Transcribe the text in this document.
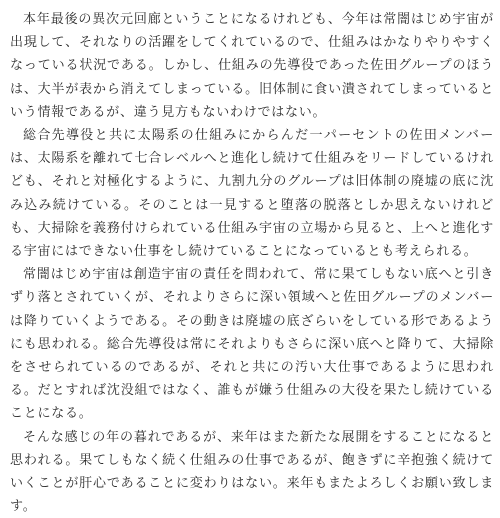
本年最後の異次元回廊ということになるけれども、今年は常闇はじめ宇宙が出現して、それなりの活躍をしてくれているので、仕組みはかなりやりやすくなっている状況である。しかし、仕組みの先導役であった佐田グループのほうは、大半が表から消えてしまっている。旧体制に食い潰されてしまっているという情報であるが、違う見方もないわけではない。

総合先導役と共に太陽系の仕組みにからんだ一パーセントの佐田メンバーは、太陽系を離れて七合レベルへと進化し続けて仕組みをリードしているけれども、それと対極化するように、九割九分のグループは旧体制の廃墟の底に沈み込み続けている。そのことは一見すると堕落の脱落としか思えないけれども、大掃除を義務付けられている仕組み宇宙の立場から見ると、上へと進化する宇宙にはできない仕事をし続けていることになっているとも考えられる。

常闇はじめ宇宙は創造宇宙の責任を問われて、常に果てしもない底へと引きずり落とされていくが、それよりさらに深い領域へと佐田グループのメンバーは降りていくようである。その動きは廃墟の底ざらいをしている形であるようにも思われる。総合先導役は常にそれよりもさらに深い底へと降りて、大掃除をさせられているのであるが、それと共にの汚い大仕事であるように思われる。だとすれば沈没組ではなく、誰もが嫌う仕組みの大役を果たし続けていることになる。

そんな感じの年の暮れであるが、来年はまた新たな展開をすることになると思われる。果てしもなく続く仕組みの仕事であるが、飽きずに辛抱強く続けていくことが肝心であることに変わりはない。来年もまたよろしくお願い致します。
